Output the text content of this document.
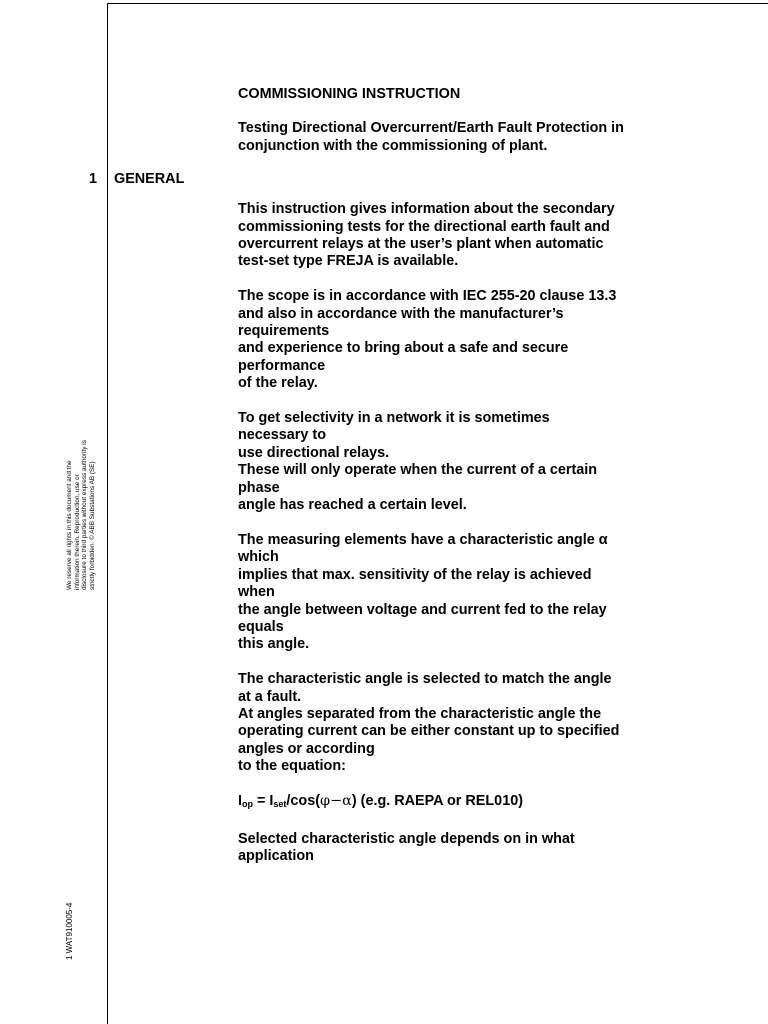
We reserve all rights in this document and the information therein. Reproduction, use or disclosure to third parties without express authority is strictly forbidden. © ABB Substations AB (SE)
1 WAT910005-4
1 GENERAL
COMMISSIONING INSTRUCTION
Testing Directional Overcurrent/Earth Fault Protection in
conjunction with the commissioning of plant.
This instruction gives information about the secondary
commissioning tests for the directional earth fault and
overcurrent relays at the user’s plant when automatic
test-set type FREJA is available.
The scope is in accordance with IEC 255-20 clause 13.3
and also in accordance with the manufacturer’s
requirements
and experience to bring about a safe and secure
performance
of the relay.
To get selectivity in a network it is sometimes
necessary to
use directional relays.
These will only operate when the current of a certain
phase
angle has reached a certain level.
The measuring elements have a characteristic angle α
which
implies that max. sensitivity of the relay is achieved
when
the angle between voltage and current fed to the relay
equals
this angle.
The characteristic angle is selected to match the angle
at a fault.
At angles separated from the characteristic angle the
operating current can be either constant up to specified
angles or according
to the equation:
$I_{op} = I_{set}/\cos(\varphi-\alpha)$ (e.g. RAEPA or REL010)
Selected characteristic angle depends on in what
application
